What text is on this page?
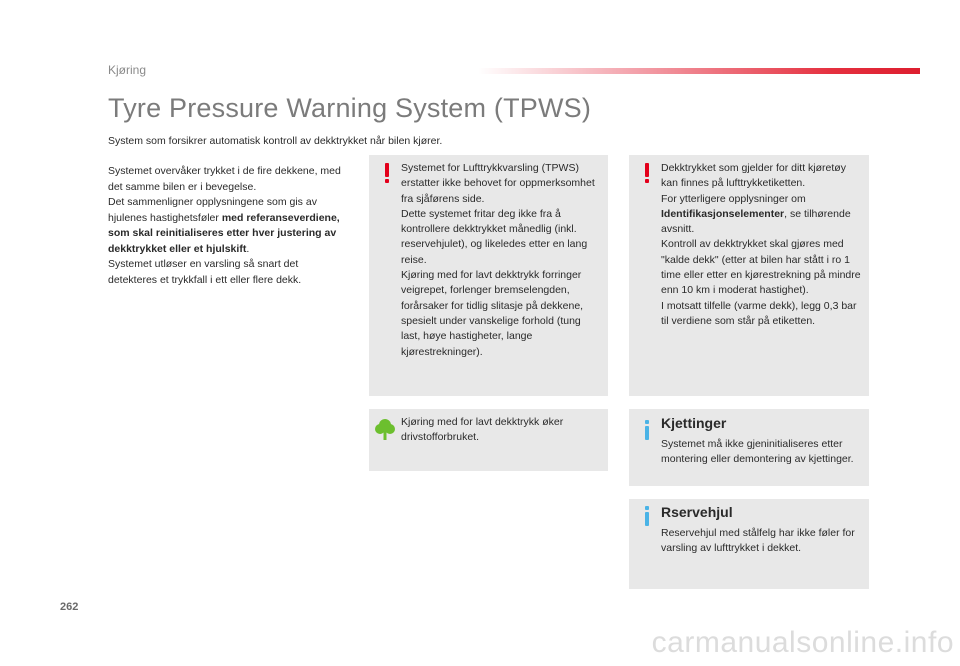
Kjøring
Tyre Pressure Warning System (TPWS)
System som forsikrer automatisk kontroll av dekktrykket når bilen kjører.
Systemet overvåker trykket i de fire dekkene, med det samme bilen er i bevegelse.
Det sammenligner opplysningene som gis av hjulenes hastighetsføler med referanseverdiene, som skal reinitialiseres etter hver justering av dekktrykket eller et hjulskift.
Systemet utløser en varsling så snart det detekteres et trykkfall i ett eller flere dekk.
Systemet for Lufttrykkvarsling (TPWS) erstatter ikke behovet for oppmerksomhet fra sjåførens side.
Dette systemet fritar deg ikke fra å kontrollere dekktrykket månedlig (inkl. reservehjulet), og likeledes etter en lang reise.
Kjøring med for lavt dekktrykk forringer veigrepet, forlenger bremselengden, forårsaker for tidlig slitasje på dekkene, spesielt under vanskelige forhold (tung last, høye hastigheter, lange kjørestrekninger).
Dekktrykket som gjelder for ditt kjøretøy kan finnes på lufttrykketiketten.
For ytterligere opplysninger om Identifikasjonselementer, se tilhørende avsnitt.
Kontroll av dekktrykket skal gjøres med "kalde dekk" (etter at bilen har stått i ro 1 time eller etter en kjørestrekning på mindre enn 10 km i moderat hastighet).
I motsatt tilfelle (varme dekk), legg 0,3 bar til verdiene som står på etiketten.
Kjøring med for lavt dekktrykk øker drivstofforbruket.
Kjettinger
Systemet må ikke gjeninitialiseres etter montering eller demontering av kjettinger.
Rservehjul
Reservehjul med stålfelg har ikke føler for varsling av lufttrykket i dekket.
262
carmanualsonline.info
